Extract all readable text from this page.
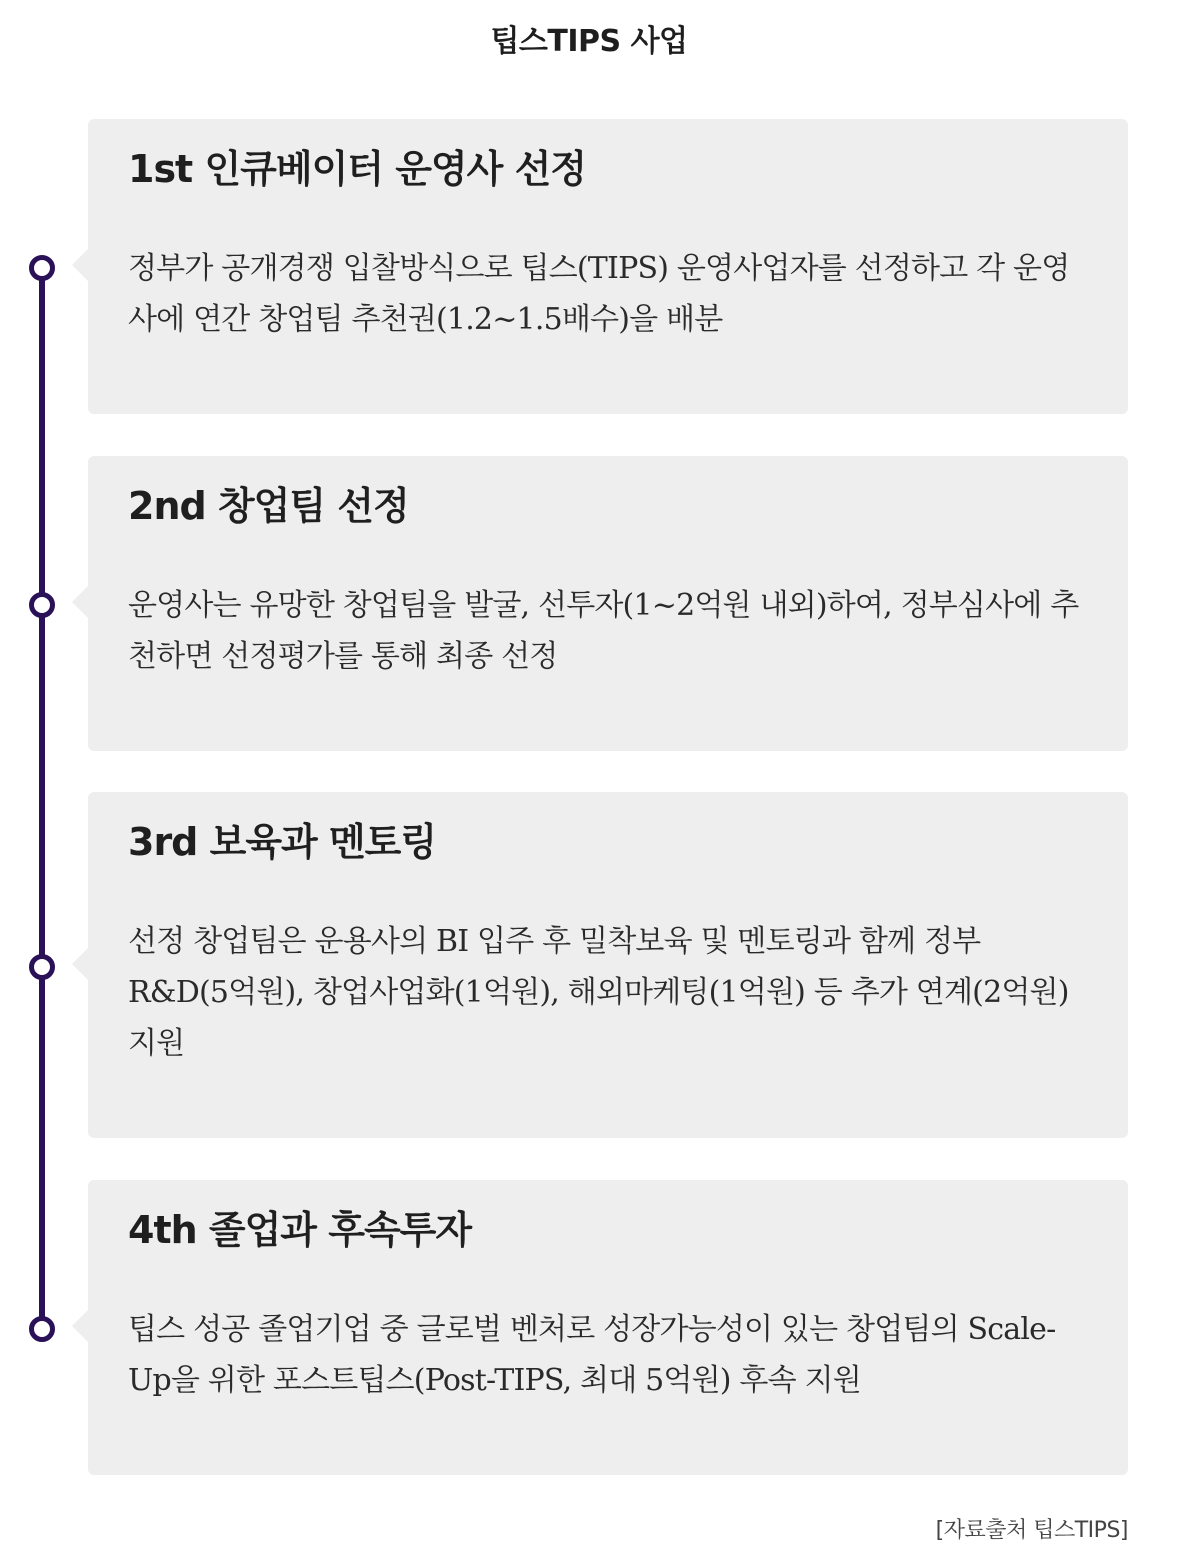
팁스TIPS 사업
1st 인큐베이터 운영사 선정
정부가 공개경쟁 입찰방식으로 팁스(TIPS) 운영사업자를 선정하고 각 운영사에 연간 창업팀 추천권(1.2~1.5배수)을 배분
2nd 창업팀 선정
운영사는 유망한 창업팀을 발굴, 선투자(1~2억원 내외)하여, 정부심사에 추천하면 선정평가를 통해 최종 선정
3rd 보육과 멘토링
선정 창업팀은 운용사의 BI 입주 후 밀착보육 및 멘토링과 함께 정부 R&D(5억원), 창업사업화(1억원), 해외마케팅(1억원) 등 추가 연계(2억원) 지원
4th 졸업과 후속투자
팁스 성공 졸업기업 중 글로벌 벤처로 성장가능성이 있는 창업팀의 Scale-Up을 위한 포스트팁스(Post-TIPS, 최대 5억원) 후속 지원
[자료출처 팁스TIPS]
